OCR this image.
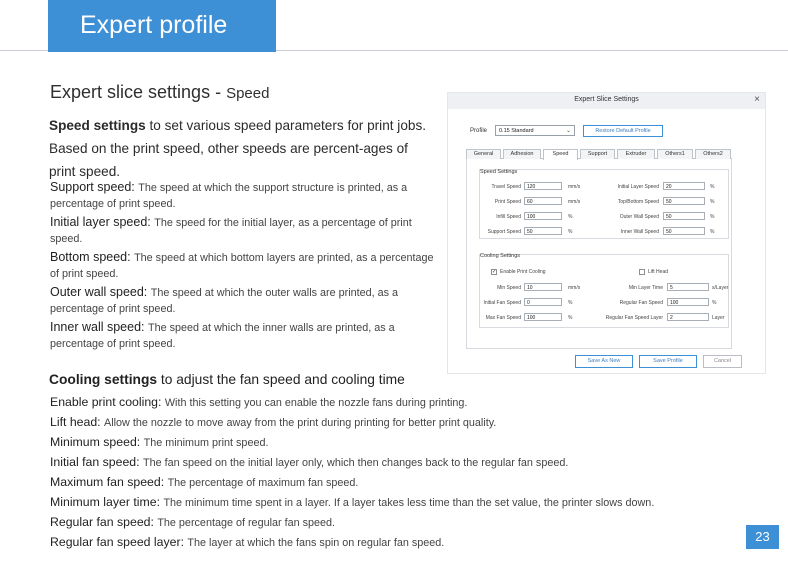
Expert profile
Expert slice settings - Speed
Speed settings to set various speed parameters for print jobs. Based on the print speed, other speeds are percent-ages of print speed.
Support speed: The speed at which the support structure is printed, as a percentage of print speed.
Initial layer speed: The speed for the initial layer, as a percentage of print speed.
Bottom speed: The speed at which bottom layers are printed, as a percentage of print speed.
Outer wall speed: The speed at which the outer walls are printed, as a percentage of print speed.
Inner wall speed: The speed at which the inner walls are printed, as a percentage of print speed.
Cooling settings to adjust the fan speed and cooling time
Enable print cooling: With this setting you can enable the nozzle fans during printing.
Lift head: Allow the nozzle to move away from the print during printing for better print quality.
Minimum speed: The minimum print speed.
Initial fan speed: The fan speed on the initial layer only, which then changes back to the regular fan speed.
Maximum fan speed: The percentage of maximum fan speed.
Minimum layer time: The minimum time spent in a layer. If a layer takes less time than the set value, the printer slows down.
Regular fan speed: The percentage of regular fan speed.
Regular fan speed layer: The layer at which the fans spin on regular fan speed.	23
Expert Slice Settings	×
Profile	0.15 Standard	⌄	Restore Default Profile
General	Adhesion	Speed	Support	Extruder	Others1	Others2
Speed Settings
Travel Speed	120	mm/s
Print Speed	60	mm/s
Infill Speed	100	%
Support Speed	50	%
Initial Layer Speed	20	%
Top/Bottom Speed	50	%
Outer Wall Speed	50	%
Inner Wall Speed	50	%
Cooling Settings
✓ Enable Print Cooling	Lift Head
Min Speed	10	mm/s
Initial Fan Speed	0	%
Max Fan Speed	100	%
Min Layer Time	5	s/Layer
Regular Fan Speed	100	%
Regular Fan Speed Layer	2	Layer
Save As New	Save Profile	Cancel
